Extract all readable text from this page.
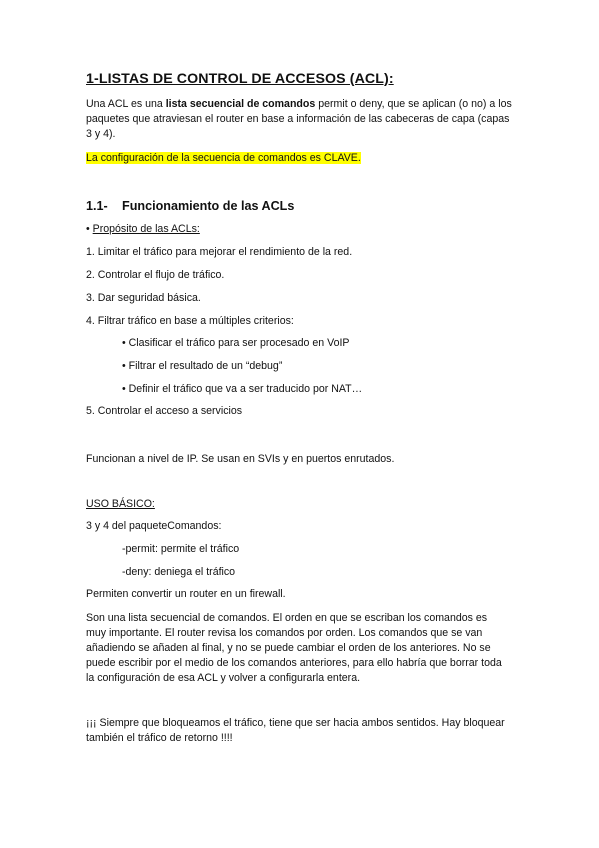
1-LISTAS DE CONTROL DE ACCESOS (ACL):
Una ACL es una lista secuencial de comandos permit o deny, que se aplican (o no) a los paquetes que atraviesan el router en base a información de las cabeceras de capa (capas 3 y 4).
La configuración de la secuencia de comandos es CLAVE.
1.1- Funcionamiento de las ACLs
• Propósito de las ACLs:
1. Limitar el tráfico para mejorar el rendimiento de la red.
2. Controlar el flujo de tráfico.
3. Dar seguridad básica.
4. Filtrar tráfico en base a múltiples criterios:
• Clasificar el tráfico para ser procesado en VoIP
• Filtrar el resultado de un “debug”
• Definir el tráfico que va a ser traducido por NAT…
5. Controlar el acceso a servicios
Funcionan a nivel de IP. Se usan en SVIs y en puertos enrutados.
USO BÁSICO:
3 y 4 del paqueteComandos:
-permit: permite el tráfico
-deny: deniega el tráfico
Permiten convertir un router en un firewall.
Son una lista secuencial de comandos. El orden en que se escriban los comandos es muy importante. El router revisa los comandos por orden. Los comandos que se van añadiendo se añaden al final, y no se puede cambiar el orden de los anteriores. No se puede escribir por el medio de los comandos anteriores, para ello habría que borrar toda la configuración de esa ACL y volver a configurarla entera.
¡¡¡ Siempre que bloqueamos el tráfico, tiene que ser hacia ambos sentidos. Hay bloquear también el tráfico de retorno !!!!
